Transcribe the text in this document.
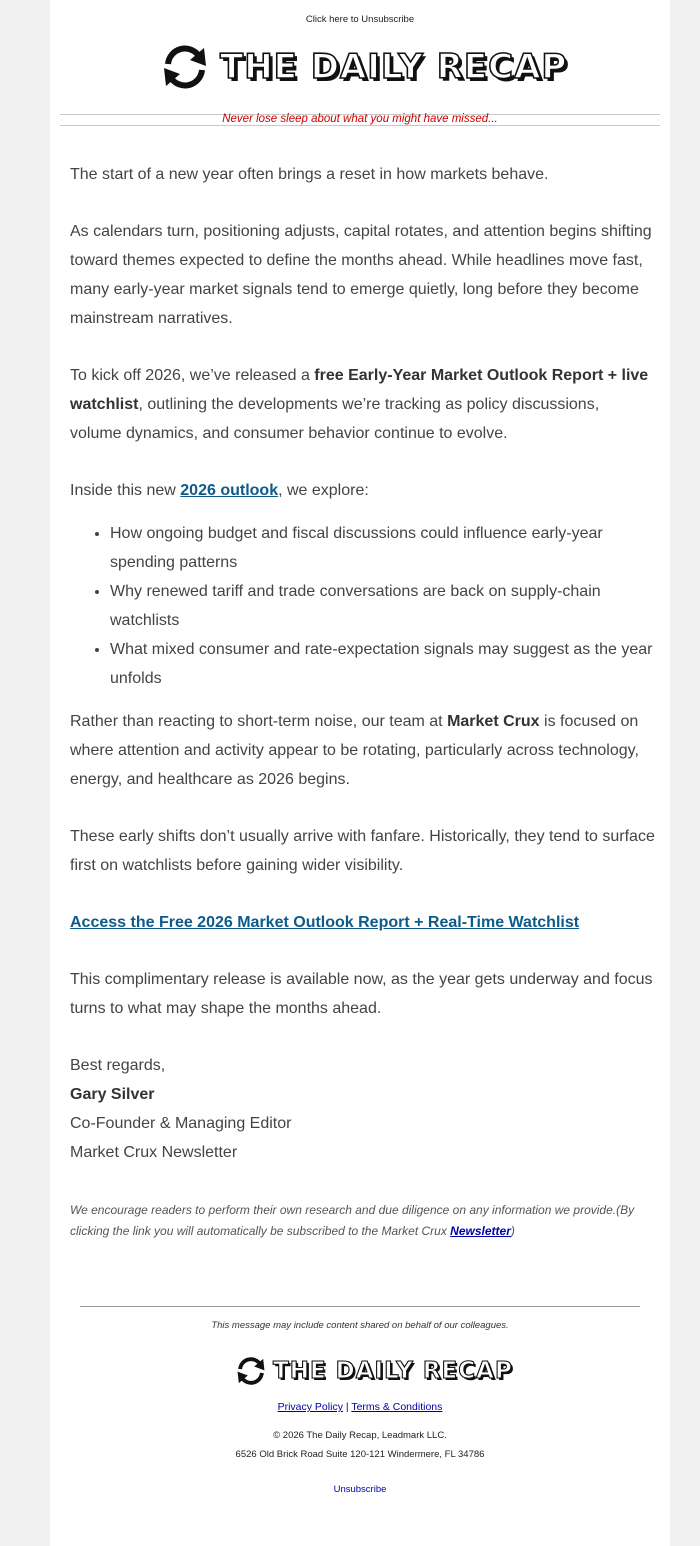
Click here to Unsubscribe
THE DAILY RECAP
Never lose sleep about what you might have missed...

The start of a new year often brings a reset in how markets behave.

As calendars turn, positioning adjusts, capital rotates, and attention begins shifting toward themes expected to define the months ahead. While headlines move fast, many early-year market signals tend to emerge quietly, long before they become mainstream narratives.

To kick off 2026, we’ve released a free Early-Year Market Outlook Report + live watchlist, outlining the developments we’re tracking as policy discussions, volume dynamics, and consumer behavior continue to evolve.

Inside this new 2026 outlook, we explore:

• How ongoing budget and fiscal discussions could influence early-year spending patterns
• Why renewed tariff and trade conversations are back on supply-chain watchlists
• What mixed consumer and rate-expectation signals may suggest as the year unfolds

Rather than reacting to short-term noise, our team at Market Crux is focused on where attention and activity appear to be rotating, particularly across technology, energy, and healthcare as 2026 begins.

These early shifts don’t usually arrive with fanfare. Historically, they tend to surface first on watchlists before gaining wider visibility.

Access the Free 2026 Market Outlook Report + Real-Time Watchlist

This complimentary release is available now, as the year gets underway and focus turns to what may shape the months ahead.

Best regards,
Gary Silver
Co-Founder & Managing Editor
Market Crux Newsletter
We encourage readers to perform their own research and due diligence on any information we provide.(By clicking the link you will automatically be subscribed to the Market Crux Newsletter)
This message may include content shared on behalf of our colleagues.
THE DAILY RECAP
Privacy Policy | Terms & Conditions
© 2026 The Daily Recap, Leadmark LLC.
6526 Old Brick Road Suite 120-121 Windermere, FL 34786
Unsubscribe
